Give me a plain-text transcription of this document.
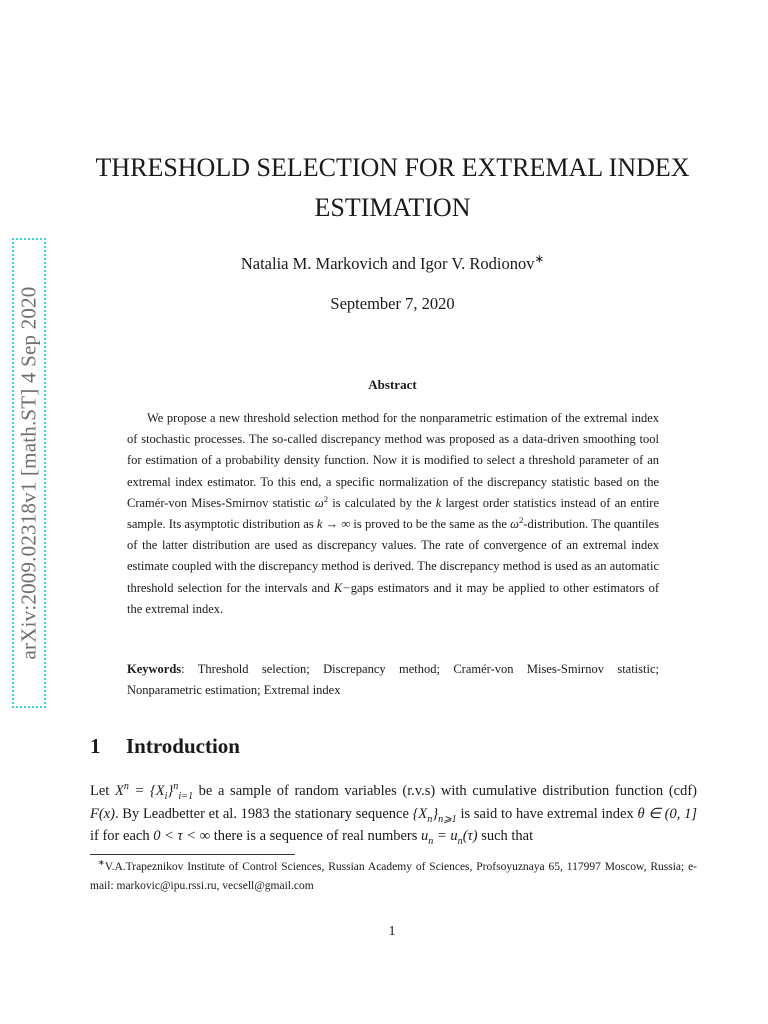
arXiv:2009.02318v1 [math.ST] 4 Sep 2020
THRESHOLD SELECTION FOR EXTREMAL INDEX
ESTIMATION
Natalia M. Markovich and Igor V. Rodionov∗
September 7, 2020
Abstract

We propose a new threshold selection method for the nonparametric estimation of the extremal index of stochastic processes. The so-called discrepancy method was proposed as a data-driven smoothing tool for estimation of a probability density function. Now it is modified to select a threshold parameter of an extremal index estimator. To this end, a specific normalization of the discrepancy statistic based on the Cramér-von Mises-Smirnov statistic $\omega^2$ is calculated by the k largest order statistics instead of an entire sample. Its asymptotic distribution as k → ∞ is proved to be the same as the $\omega^2$-distribution. The quantiles of the latter distribution are used as discrepancy values. The rate of convergence of an extremal index estimate coupled with the discrepancy method is derived. The discrepancy method is used as an automatic threshold selection for the intervals and K−gaps estimators and it may be applied to other estimators of the extremal index.

Keywords: Threshold selection; Discrepancy method; Cramér-von Mises-Smirnov statistic; Nonparametric estimation; Extremal index

1 Introduction

Let $X^n = \{X_i\}^n_{i=1}$ be a sample of random variables (r.v.s) with cumulative distribution function (cdf) F(x). By Leadbetter et al. 1983 the stationary sequence $\{X_n\}_{n⩾1}$ is said to have extremal index θ ∈ (0, 1] if for each 0 < τ < ∞ there is a sequence of real numbers $u_n = u_n(\tau)$ such that

∗V.A.Trapeznikov Institute of Control Sciences, Russian Academy of Sciences, Profsoyuznaya 65, 117997 Moscow, Russia; e-mail: markovic@ipu.rssi.ru, vecsell@gmail.com

1
